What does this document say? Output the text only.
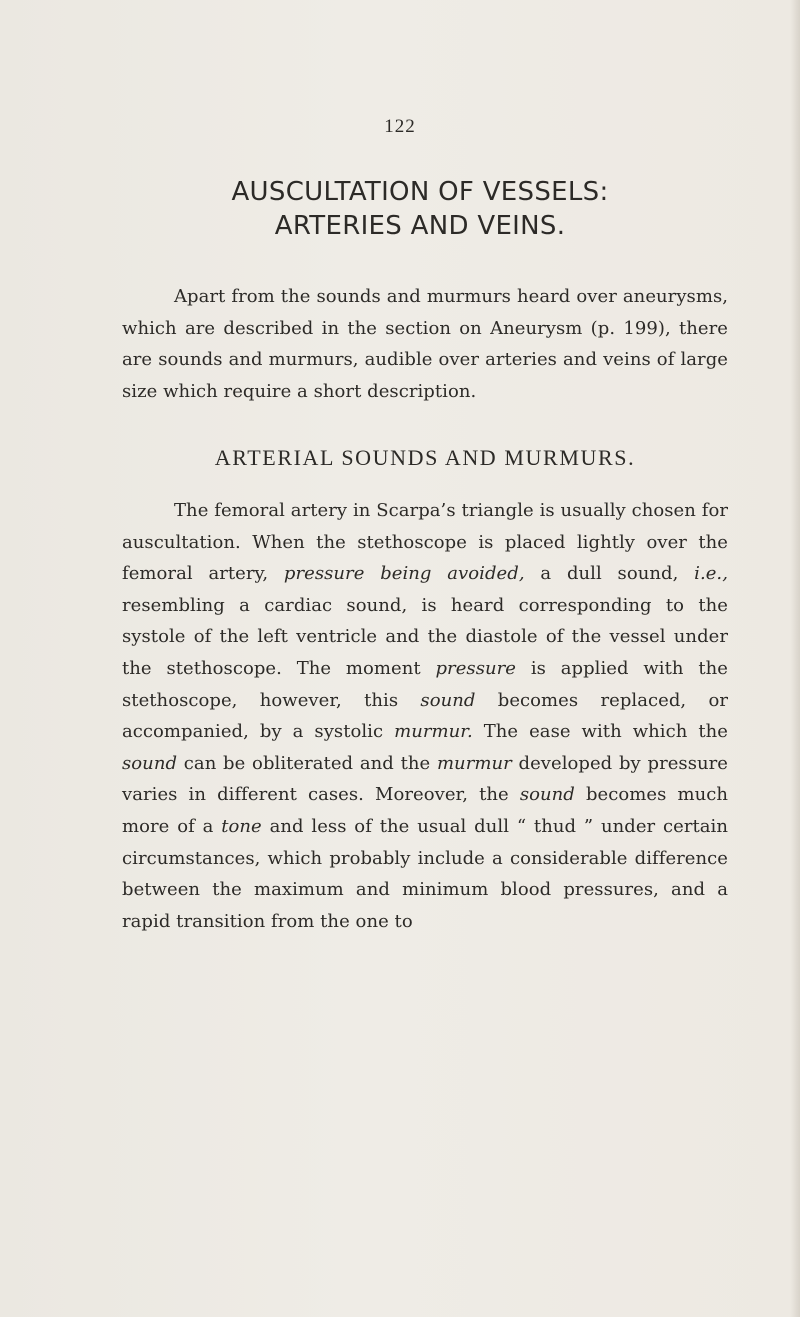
122
AUSCULTATION OF VESSELS:
ARTERIES AND VEINS.

Apart from the sounds and murmurs heard over aneurysms, which are described in the section on Aneurysm (p. 199), there are sounds and murmurs, audible over arteries and veins of large size which require a short description.

ARTERIAL SOUNDS AND MURMURS.

The femoral artery in Scarpa’s triangle is usually chosen for auscultation. When the stethoscope is placed lightly over the femoral artery, pressure being avoided, a dull sound, i.e., resembling a cardiac sound, is heard corresponding to the systole of the left ventricle and the diastole of the vessel under the stethoscope. The moment pressure is applied with the stethoscope, however, this sound becomes replaced, or accompanied, by a systolic murmur. The ease with which the sound can be obliterated and the murmur developed by pressure varies in different cases. Moreover, the sound becomes much more of a tone and less of the usual dull “ thud ” under certain circumstances, which probably include a considerable difference between the maximum and minimum blood pressures, and a rapid transition from the one to
